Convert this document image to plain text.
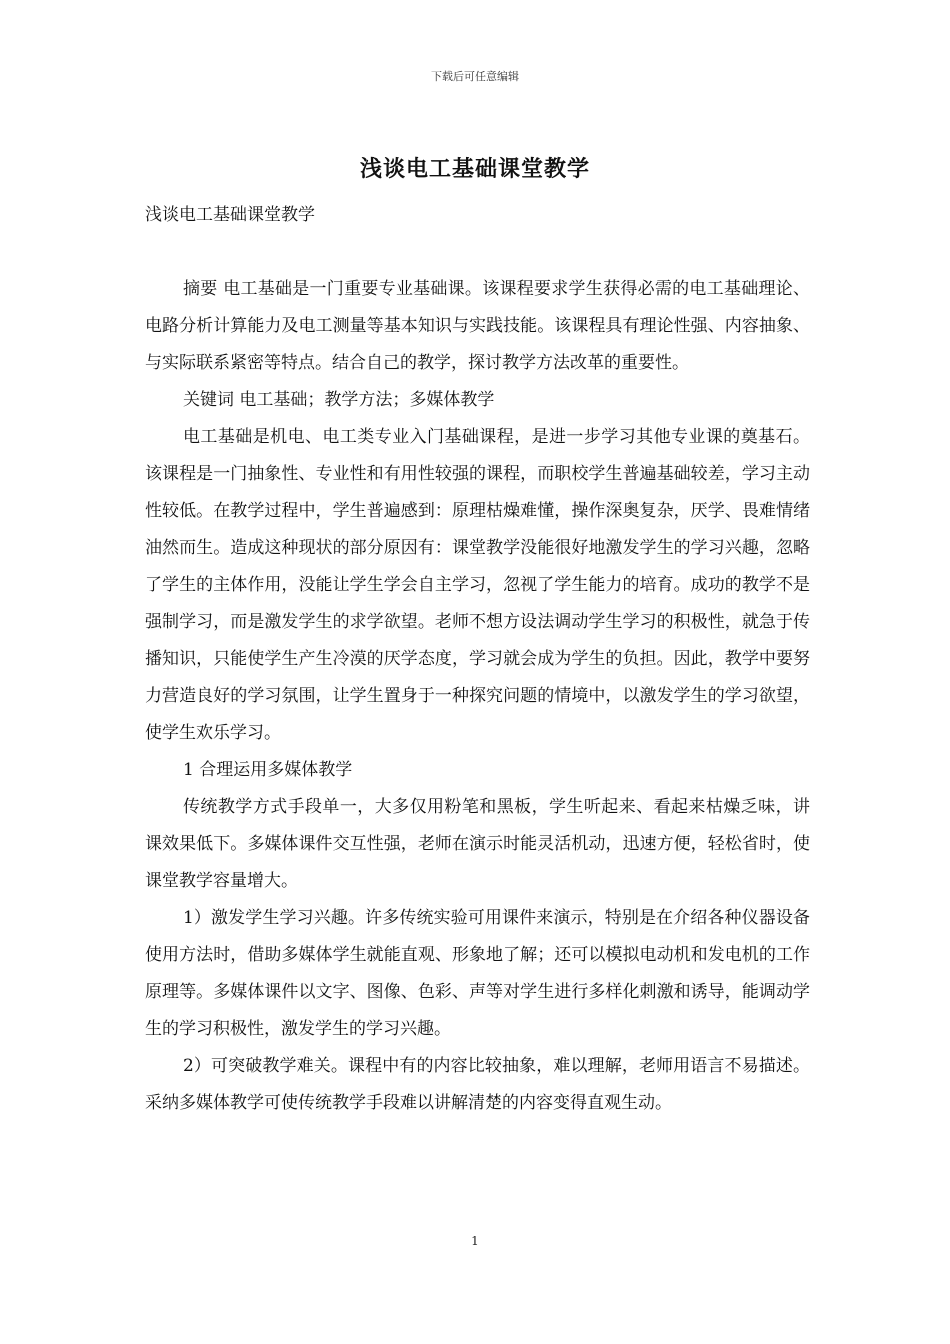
下载后可任意编辑
浅谈电工基础课堂教学

浅谈电工基础课堂教学

摘要 电工基础是一门重要专业基础课。该课程要求学生获得必需的电工基础理论、电路分析计算能力及电工测量等基本知识与实践技能。该课程具有理论性强、内容抽象、与实际联系紧密等特点。结合自己的教学，探讨教学方法改革的重要性。

关键词 电工基础；教学方法；多媒体教学

电工基础是机电、电工类专业入门基础课程，是进一步学习其他专业课的奠基石。该课程是一门抽象性、专业性和有用性较强的课程，而职校学生普遍基础较差，学习主动性较低。在教学过程中，学生普遍感到：原理枯燥难懂，操作深奥复杂，厌学、畏难情绪油然而生。造成这种现状的部分原因有：课堂教学没能很好地激发学生的学习兴趣，忽略了学生的主体作用，没能让学生学会自主学习，忽视了学生能力的培育。成功的教学不是强制学习，而是激发学生的求学欲望。老师不想方设法调动学生学习的积极性，就急于传播知识，只能使学生产生冷漠的厌学态度，学习就会成为学生的负担。因此，教学中要努力营造良好的学习氛围，让学生置身于一种探究问题的情境中，以激发学生的学习欲望，使学生欢乐学习。

1 合理运用多媒体教学

传统教学方式手段单一，大多仅用粉笔和黑板，学生听起来、看起来枯燥乏味，讲课效果低下。多媒体课件交互性强，老师在演示时能灵活机动，迅速方便，轻松省时，使课堂教学容量增大。

1）激发学生学习兴趣。许多传统实验可用课件来演示，特别是在介绍各种仪器设备使用方法时，借助多媒体学生就能直观、形象地了解；还可以模拟电动机和发电机的工作原理等。多媒体课件以文字、图像、色彩、声等对学生进行多样化刺激和诱导，能调动学生的学习积极性，激发学生的学习兴趣。

2）可突破教学难关。课程中有的内容比较抽象，难以理解，老师用语言不易描述。采纳多媒体教学可使传统教学手段难以讲解清楚的内容变得直观生动。

1
